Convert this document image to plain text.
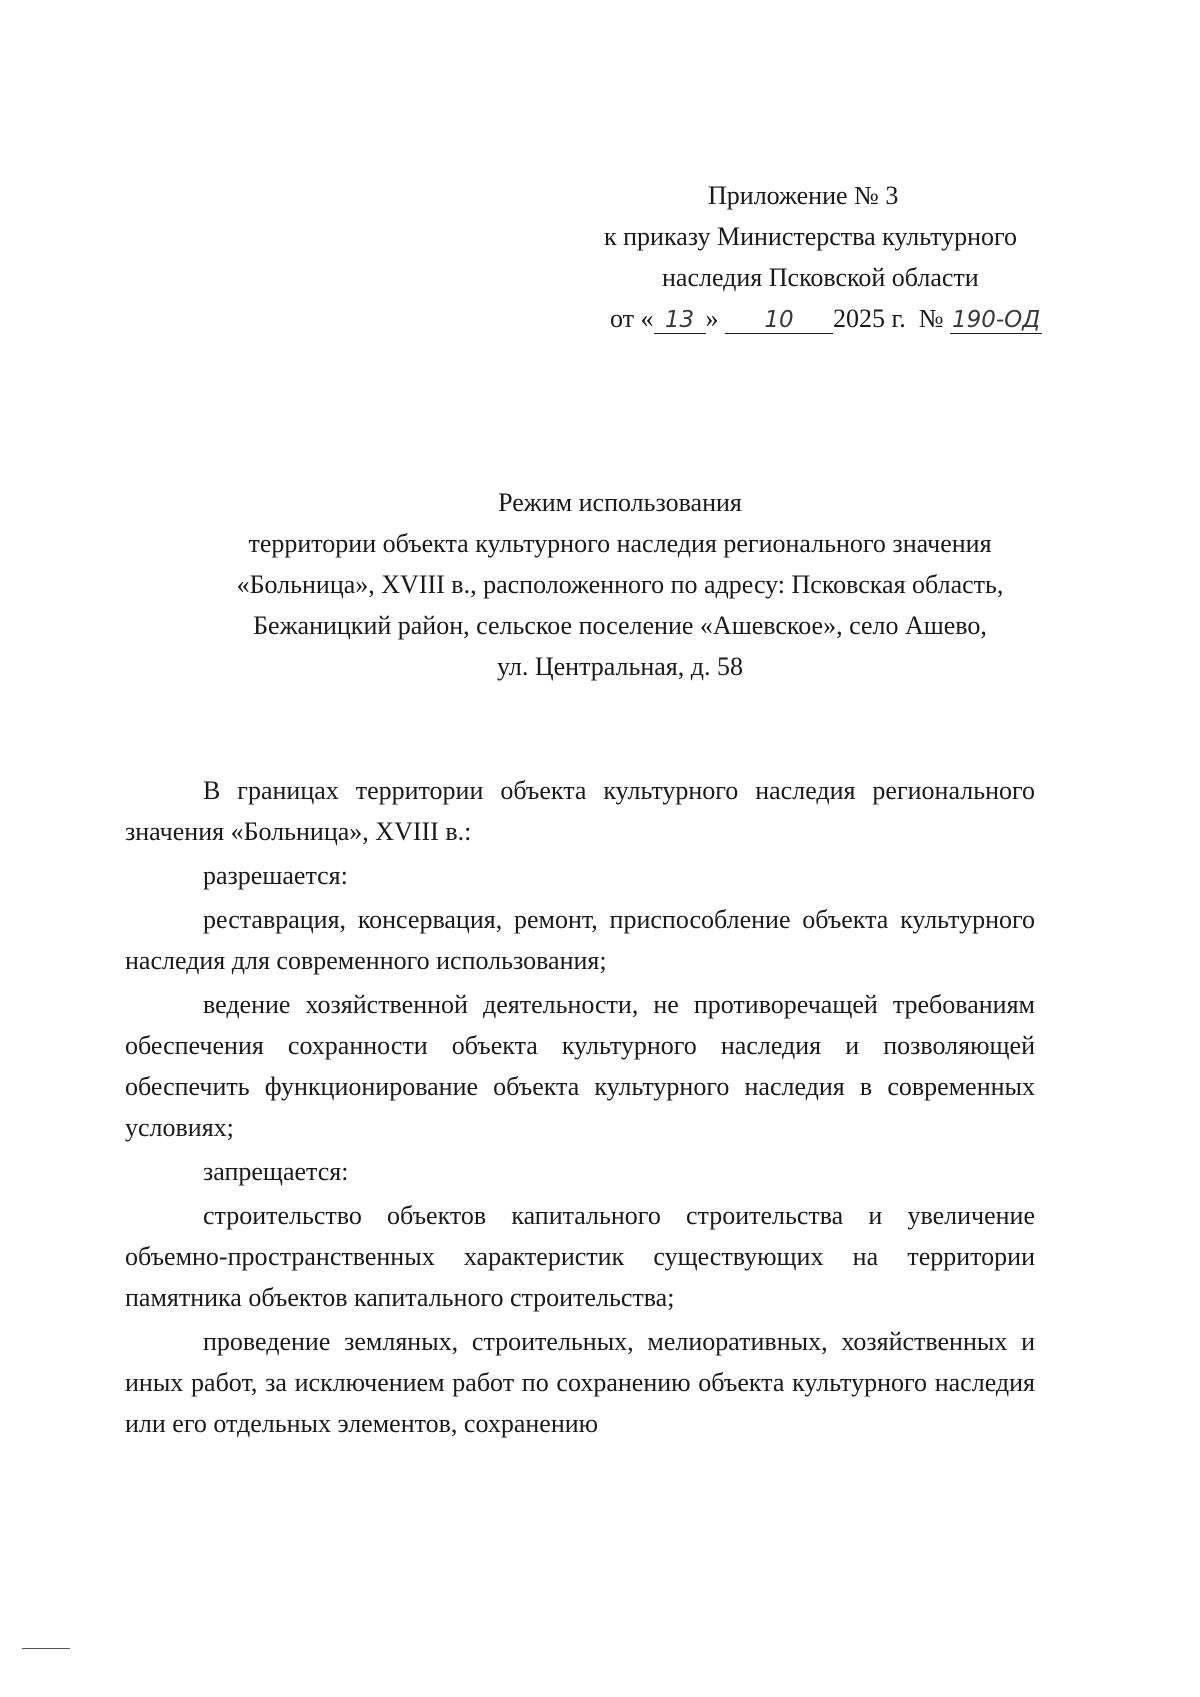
Приложение № 3
к приказу Министерства культурного
наследия Псковской области
от « 13 » 10 2025 г. № 190-ОД
Режим использования
территории объекта культурного наследия регионального значения
«Больница», XVIII в., расположенного по адресу: Псковская область,
Бежаницкий район, сельское поселение «Ашевское», село Ашево,
ул. Центральная, д. 58

В границах территории объекта культурного наследия регионального значения «Больница», XVIII в.:

разрешается:

реставрация, консервация, ремонт, приспособление объекта культурного наследия для современного использования;

ведение хозяйственной деятельности, не противоречащей требованиям обеспечения сохранности объекта культурного наследия и позволяющей обеспечить функционирование объекта культурного наследия в современных условиях;

запрещается:

строительство объектов капитального строительства и увеличение объемно-пространственных характеристик существующих на территории памятника объектов капитального строительства;

проведение земляных, строительных, мелиоративных, хозяйственных и иных работ, за исключением работ по сохранению объекта культурного наследия или его отдельных элементов, сохранению
